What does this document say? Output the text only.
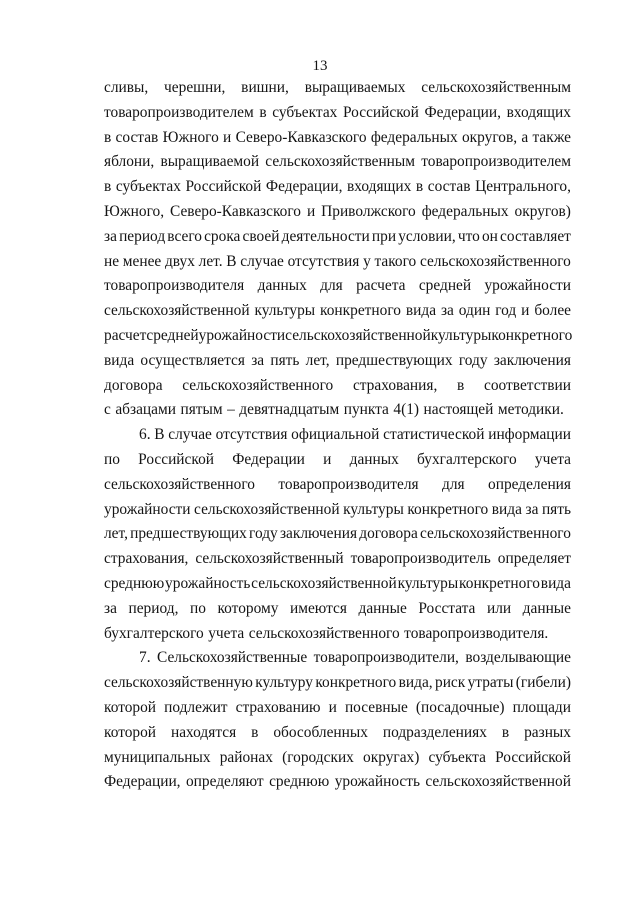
13
сливы, черешни, вишни, выращиваемых сельскохозяйственным
товаропроизводителем в субъектах Российской Федерации, входящих
в состав Южного и Северо-Кавказского федеральных округов, а также
яблони, выращиваемой сельскохозяйственным товаропроизводителем
в субъектах Российской Федерации, входящих в состав Центрального,
Южного, Северо-Кавказского и Приволжского федеральных округов)
за период всего срока своей деятельности при условии, что он составляет
не менее двух лет. В случае отсутствия у такого сельскохозяйственного
товаропроизводителя данных для расчета средней урожайности
сельскохозяйственной культуры конкретного вида за один год и более
расчет средней урожайности сельскохозяйственной культуры конкретного
вида осуществляется за пять лет, предшествующих году заключения
договора сельскохозяйственного страхования, в соответствии
с абзацами пятым – девятнадцатым пункта 4(1) настоящей методики.
6. В случае отсутствия официальной статистической информации
по Российской Федерации и данных бухгалтерского учета
сельскохозяйственного товаропроизводителя для определения
урожайности сельскохозяйственной культуры конкретного вида за пять
лет, предшествующих году заключения договора сельскохозяйственного
страхования, сельскохозяйственный товаропроизводитель определяет
среднюю урожайность сельскохозяйственной культуры конкретного вида
за период, по которому имеются данные Росстата или данные
бухгалтерского учета сельскохозяйственного товаропроизводителя.
7. Сельскохозяйственные товаропроизводители, возделывающие
сельскохозяйственную культуру конкретного вида, риск утраты (гибели)
которой подлежит страхованию и посевные (посадочные) площади
которой находятся в обособленных подразделениях в разных
муниципальных районах (городских округах) субъекта Российской
Федерации, определяют среднюю урожайность сельскохозяйственной
